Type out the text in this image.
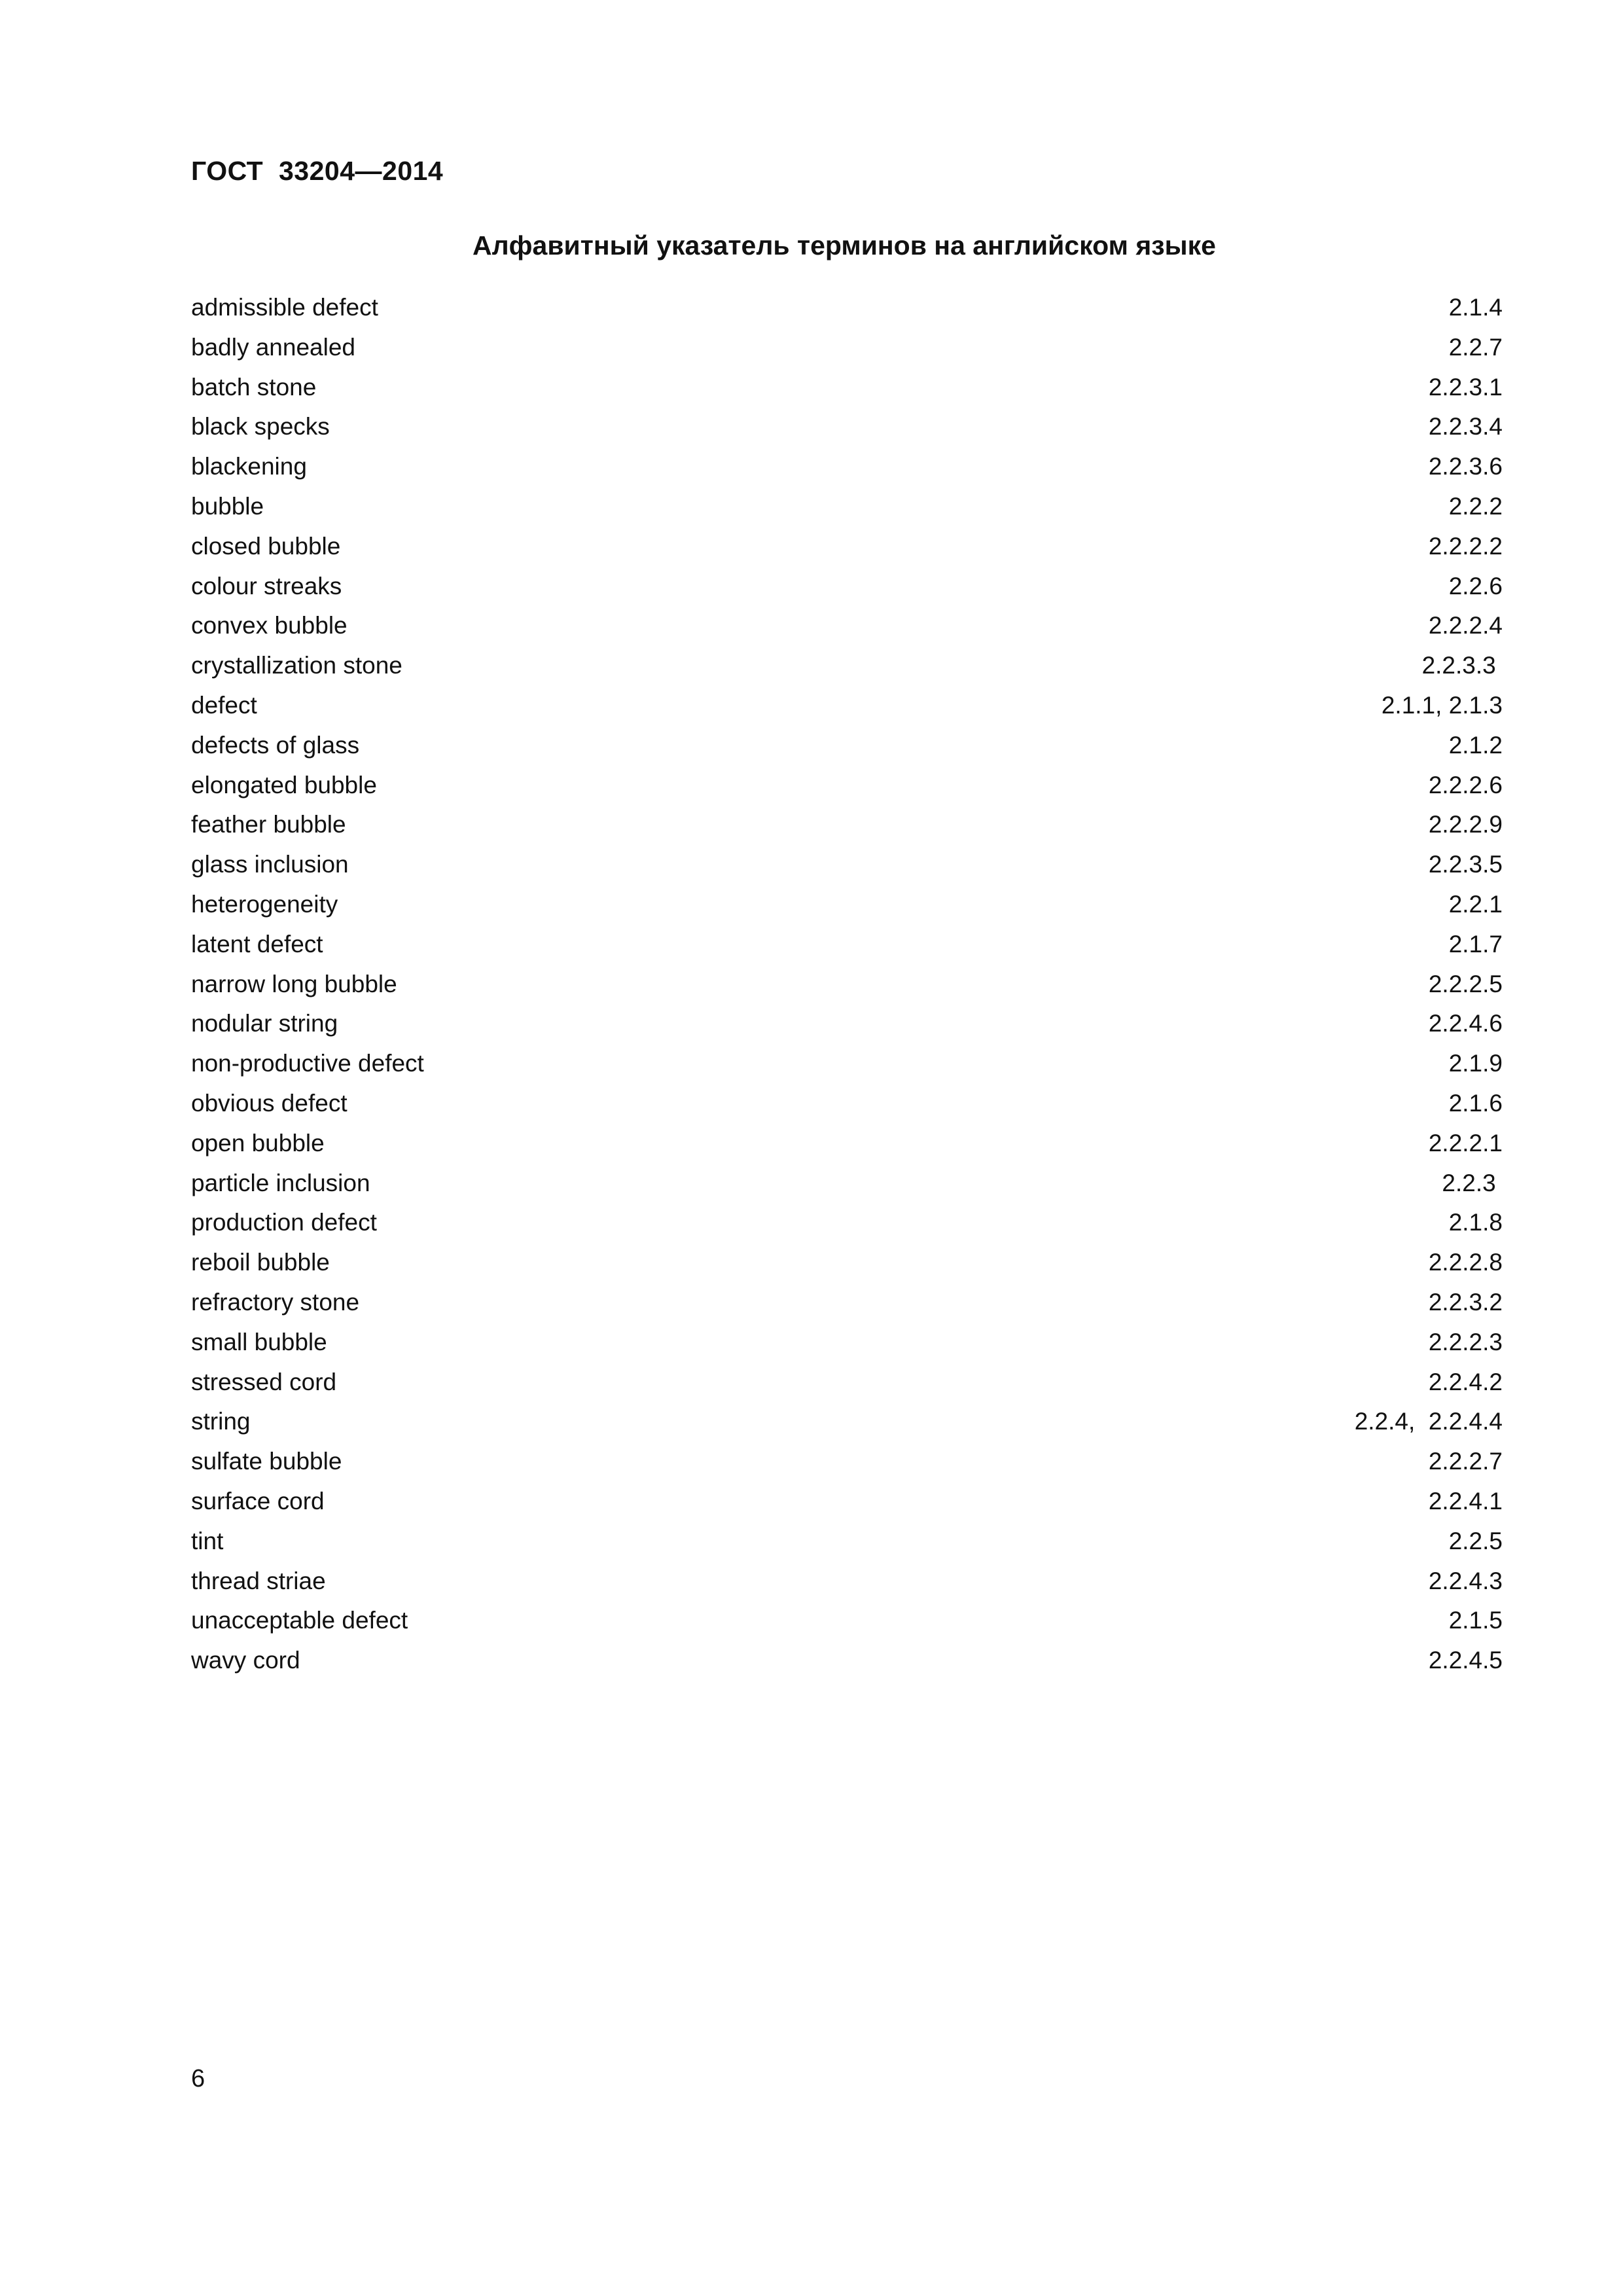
ГОСТ  33204—2014
Алфавитный указатель терминов на английском языке
admissible defect	2.1.4
badly annealed	2.2.7
batch stone	2.2.3.1
black specks	2.2.3.4
blackening	2.2.3.6
bubble	2.2.2
closed bubble	2.2.2.2
colour streaks	2.2.6
convex bubble	2.2.2.4
crystallization stone	2.2.3.3
defect	2.1.1, 2.1.3
defects of glass	2.1.2
elongated bubble	2.2.2.6
feather bubble	2.2.2.9
glass inclusion	2.2.3.5
heterogeneity	2.2.1
latent defect	2.1.7
narrow long bubble	2.2.2.5
nodular string	2.2.4.6
non-productive defect	2.1.9
obvious defect	2.1.6
open bubble	2.2.2.1
particle inclusion	2.2.3
production defect	2.1.8
reboil bubble	2.2.2.8
refractory stone	2.2.3.2
small bubble	2.2.2.3
stressed cord	2.2.4.2
string	2.2.4,  2.2.4.4
sulfate bubble	2.2.2.7
surface cord	2.2.4.1
tint	2.2.5
thread striae	2.2.4.3
unacceptable defect	2.1.5
wavy cord	2.2.4.5
6
